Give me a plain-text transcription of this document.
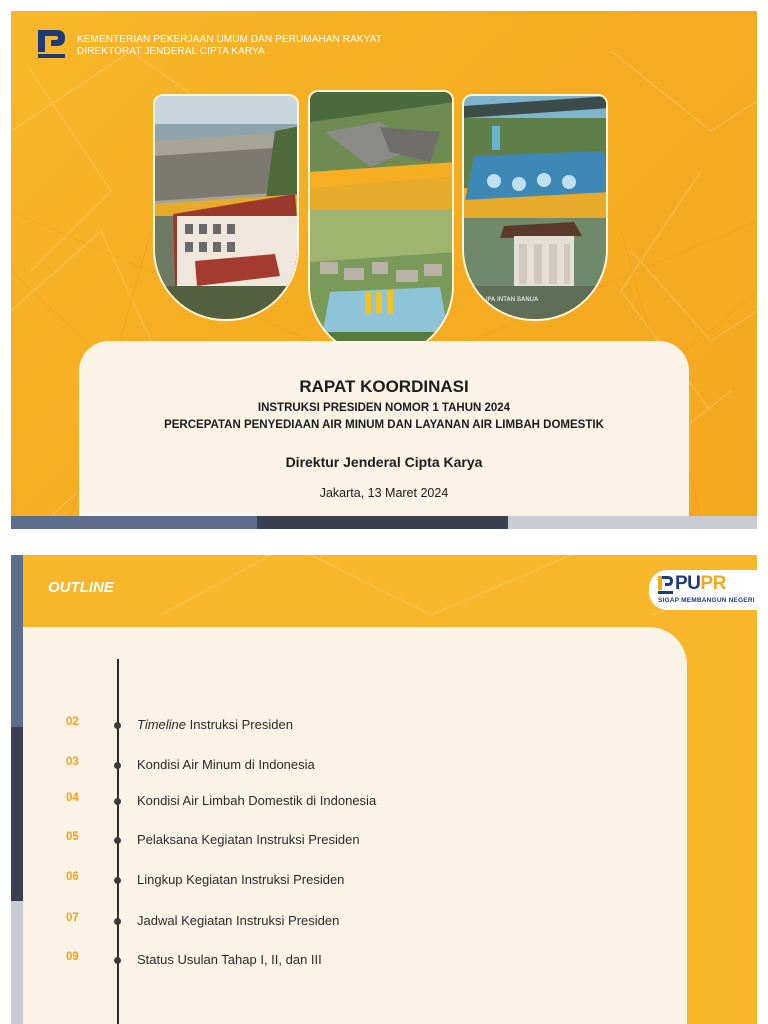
KEMENTERIAN PEKERJAAN UMUM DAN PERUMAHAN RAKYAT
DIREKTORAT JENDERAL CIPTA KARYA
IPA INTAN BANUA
RAPAT KOORDINASI
INSTRUKSI PRESIDEN NOMOR 1 TAHUN 2024
PERCEPATAN PENYEDIAAN AIR MINUM DAN LAYANAN AIR LIMBAH DOMESTIK
Direktur Jenderal Cipta Karya
Jakarta, 13 Maret 2024
OUTLINE	PUPR
SIGAP MEMBANGUN NEGERI
02	Timeline Instruksi Presiden
03	Kondisi Air Minum di Indonesia
04	Kondisi Air Limbah Domestik di Indonesia
05	Pelaksana Kegiatan Instruksi Presiden
06	Lingkup Kegiatan Instruksi Presiden
07	Jadwal Kegiatan Instruksi Presiden
09	Status Usulan Tahap I, II, dan III
